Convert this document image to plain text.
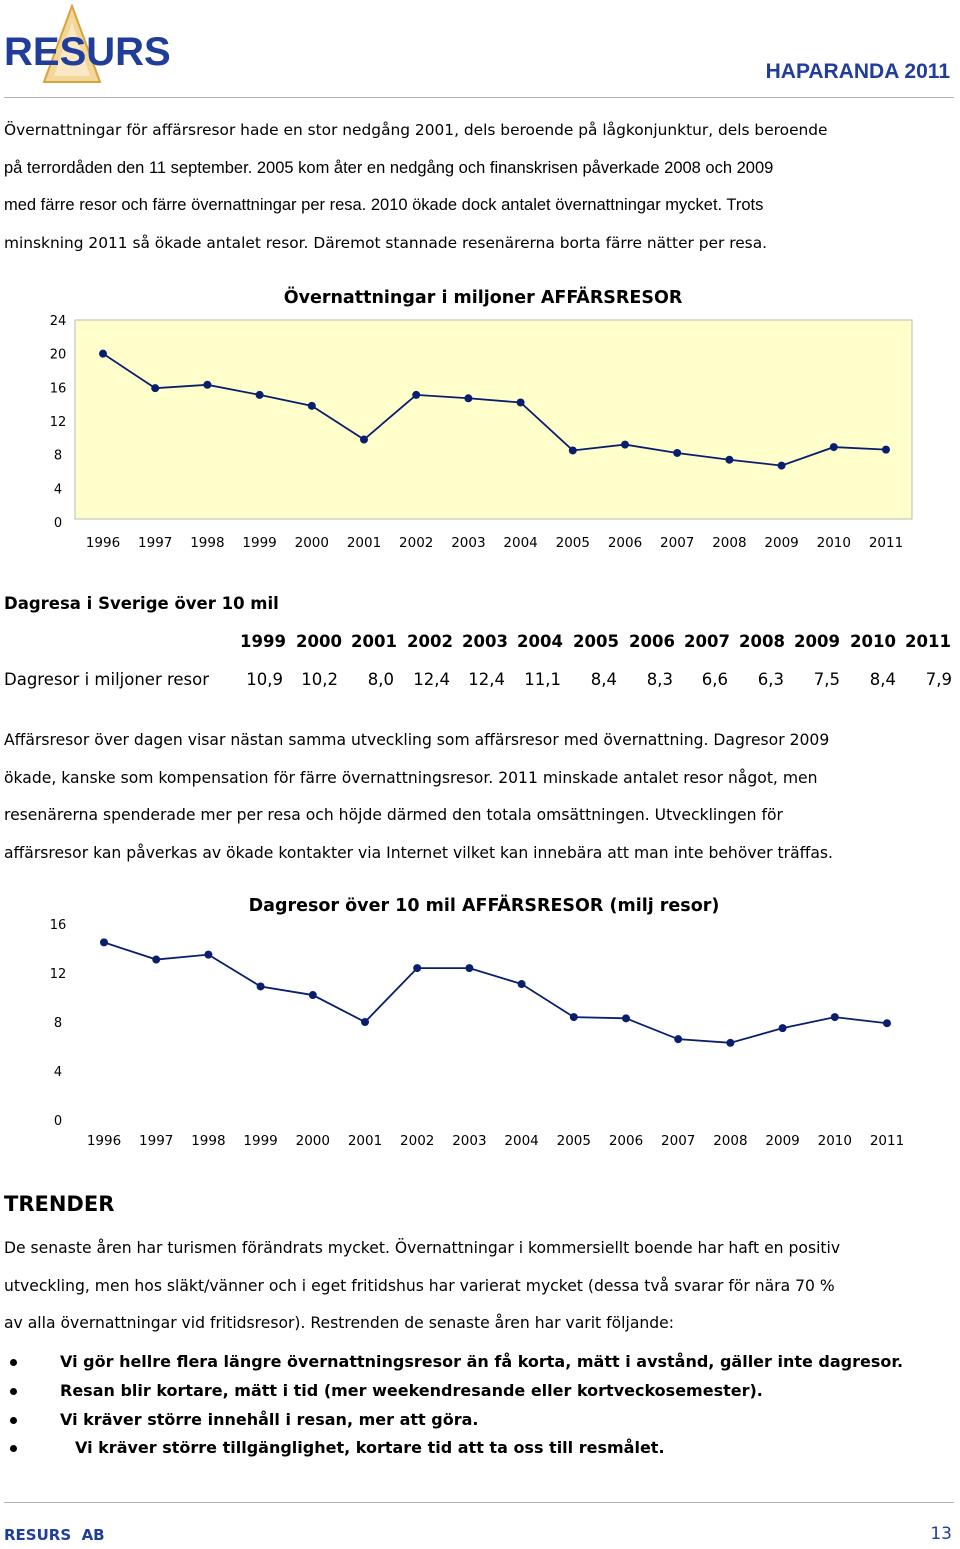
RESURS	HAPARANDA 2011
Övernattningar för affärsresor hade en stor nedgång 2001, dels beroende på lågkonjunktur, dels beroende
på terrordåden den 11 september. 2005 kom åter en nedgång och finanskrisen påverkade 2008 och 2009
med färre resor och färre övernattningar per resa. 2010 ökade dock antalet övernattningar mycket. Trots
minskning 2011 så ökade antalet resor. Däremot stannade resenärerna borta färre nätter per resa.
Övernattningar i miljoner AFFÄRSRESOR
24
20
16
12
8
4
0
1996 1997 1998 1999 2000 2001 2002 2003 2004 2005 2006 2007 2008 2009 2010 2011
Dagresa i Sverige över 10 mil
1999 2000 2001 2002 2003 2004 2005 2006 2007 2008 2009 2010 2011
Dagresor i miljoner resor	10,9	10,2	8,0	12,4	12,4	11,1	8,4	8,3	6,6	6,3	7,5	8,4	7,9
Affärsresor över dagen visar nästan samma utveckling som affärsresor med övernattning. Dagresor 2009
ökade, kanske som kompensation för färre övernattningsresor. 2011 minskade antalet resor något, men
resenärerna spenderade mer per resa och höjde därmed den totala omsättningen. Utvecklingen för
affärsresor kan påverkas av ökade kontakter via Internet vilket kan innebära att man inte behöver träffas.
Dagresor över 10 mil AFFÄRSRESOR (milj resor)
16
12
8
4
0
1996 1997 1998 1999 2000 2001 2002 2003 2004 2005 2006 2007 2008 2009 2010 2011
TRENDER
De senaste åren har turismen förändrats mycket. Övernattningar i kommersiellt boende har haft en positiv
utveckling, men hos släkt/vänner och i eget fritidshus har varierat mycket (dessa två svarar för nära 70 %
av alla övernattningar vid fritidsresor). Restrenden de senaste åren har varit följande:
Vi gör hellre flera längre övernattningsresor än få korta, mätt i avstånd, gäller inte dagresor.
Resan blir kortare, mätt i tid (mer weekendresande eller kortveckosemester).
Vi kräver större innehåll i resan, mer att göra.
Vi kräver större tillgänglighet, kortare tid att ta oss till resmålet.
RESURS  AB	13
